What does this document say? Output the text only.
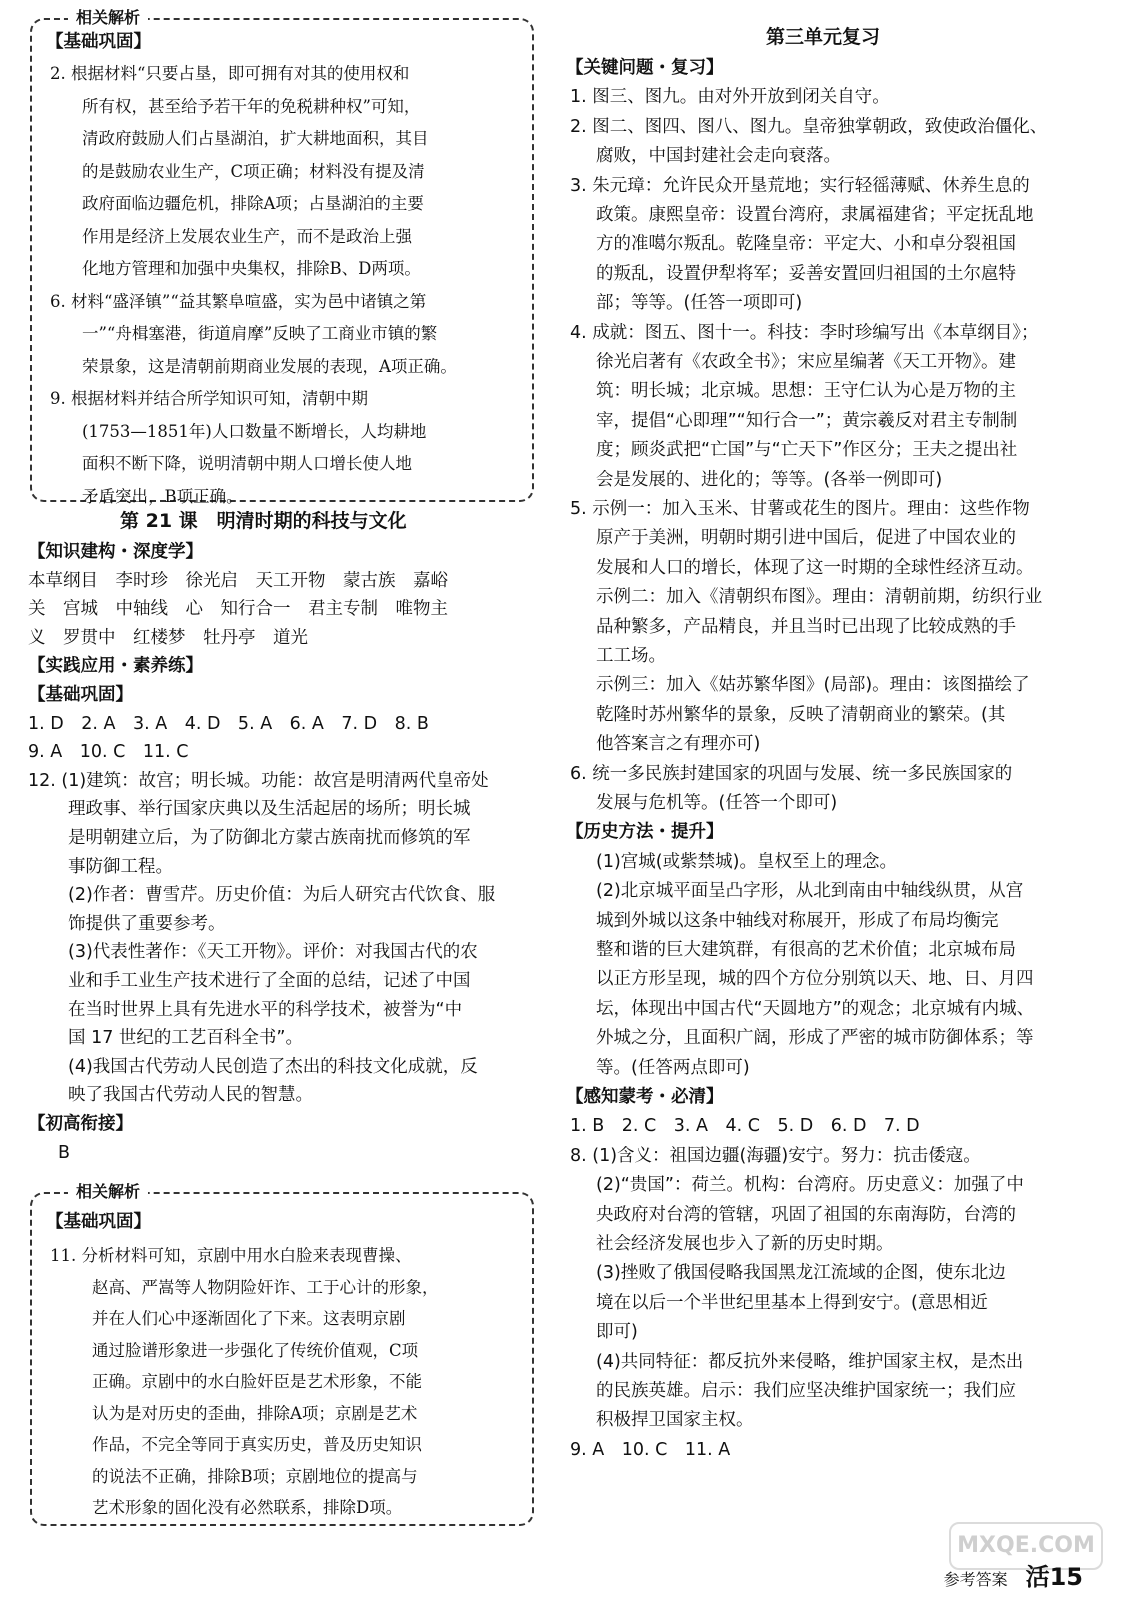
相关解析
【基础巩固】
2. 根据材料“只要占垦，即可拥有对其的使用权和
所有权，甚至给予若干年的免税耕种权”可知，
清政府鼓励人们占垦湖泊，扩大耕地面积，其目
的是鼓励农业生产，C项正确；材料没有提及清
政府面临边疆危机，排除A项；占垦湖泊的主要
作用是经济上发展农业生产，而不是政治上强
化地方管理和加强中央集权，排除B、D两项。
6. 材料“盛泽镇”“益其繁阜喧盛，实为邑中诸镇之第
一”“舟楫塞港，街道肩摩”反映了工商业市镇的繁
荣景象，这是清朝前期商业发展的表现，A项正确。
9. 根据材料并结合所学知识可知，清朝中期
(1753—1851年)人口数量不断增长，人均耕地
面积不断下降，说明清朝中期人口增长使人地
矛盾突出，B项正确。
第 21 课　明清时期的科技与文化
【知识建构・深度学】
本草纲目　李时珍　徐光启　天工开物　蒙古族　嘉峪
关　宫城　中轴线　心　知行合一　君主专制　唯物主
义　罗贯中　红楼梦　牡丹亭　道光
【实践应用・素养练】
【基础巩固】
1. D　2. A　3. A　4. D　5. A　6. A　7. D　8. B
9. A　10. C　11. C
12. (1)建筑：故宫；明长城。功能：故宫是明清两代皇帝处
理政事、举行国家庆典以及生活起居的场所；明长城
是明朝建立后，为了防御北方蒙古族南扰而修筑的军
事防御工程。
(2)作者：曹雪芹。历史价值：为后人研究古代饮食、服
饰提供了重要参考。
(3)代表性著作：《天工开物》。评价：对我国古代的农
业和手工业生产技术进行了全面的总结，记述了中国
在当时世界上具有先进水平的科学技术，被誉为“中
国 17 世纪的工艺百科全书”。
(4)我国古代劳动人民创造了杰出的科技文化成就，反
映了我国古代劳动人民的智慧。
【初高衔接】
B
相关解析
【基础巩固】
11. 分析材料可知，京剧中用水白脸来表现曹操、
赵高、严嵩等人物阴险奸诈、工于心计的形象，
并在人们心中逐渐固化了下来。这表明京剧
通过脸谱形象进一步强化了传统价值观，C项
正确。京剧中的水白脸奸臣是艺术形象，不能
认为是对历史的歪曲，排除A项；京剧是艺术
作品，不完全等同于真实历史，普及历史知识
的说法不正确，排除B项；京剧地位的提高与
艺术形象的固化没有必然联系，排除D项。
第三单元复习
【关键问题・复习】
1. 图三、图九。由对外开放到闭关自守。
2. 图二、图四、图八、图九。皇帝独掌朝政，致使政治僵化、
腐败，中国封建社会走向衰落。
3. 朱元璋：允许民众开垦荒地；实行轻徭薄赋、休养生息的
政策。康熙皇帝：设置台湾府，隶属福建省；平定抚乱地
方的准噶尔叛乱。乾隆皇帝：平定大、小和卓分裂祖国
的叛乱，设置伊犁将军；妥善安置回归祖国的土尔扈特
部；等等。(任答一项即可)
4. 成就：图五、图十一。科技：李时珍编写出《本草纲目》；
徐光启著有《农政全书》；宋应星编著《天工开物》。建
筑：明长城；北京城。思想：王守仁认为心是万物的主
宰，提倡“心即理”“知行合一”；黄宗羲反对君主专制制
度；顾炎武把“亡国”与“亡天下”作区分；王夫之提出社
会是发展的、进化的；等等。(各举一例即可)
5. 示例一：加入玉米、甘薯或花生的图片。理由：这些作物
原产于美洲，明朝时期引进中国后，促进了中国农业的
发展和人口的增长，体现了这一时期的全球性经济互动。
示例二：加入《清朝织布图》。理由：清朝前期，纺织行业
品种繁多，产品精良，并且当时已出现了比较成熟的手
工工场。
示例三：加入《姑苏繁华图》(局部)。理由：该图描绘了
乾隆时苏州繁华的景象，反映了清朝商业的繁荣。(其
他答案言之有理亦可)
6. 统一多民族封建国家的巩固与发展、统一多民族国家的
发展与危机等。(任答一个即可)
【历史方法・提升】
(1)宫城(或紫禁城)。皇权至上的理念。
(2)北京城平面呈凸字形，从北到南由中轴线纵贯，从宫
城到外城以这条中轴线对称展开，形成了布局均衡完
整和谐的巨大建筑群，有很高的艺术价值；北京城布局
以正方形呈现，城的四个方位分别筑以天、地、日、月四
坛，体现出中国古代“天圆地方”的观念；北京城有内城、
外城之分，且面积广阔，形成了严密的城市防御体系；等
等。(任答两点即可)
【感知蒙考・必清】
1. B　2. C　3. A　4. C　5. D　6. D　7. D
8. (1)含义：祖国边疆(海疆)安宁。努力：抗击倭寇。
(2)“贵国”：荷兰。机构：台湾府。历史意义：加强了中
央政府对台湾的管辖，巩固了祖国的东南海防，台湾的
社会经济发展也步入了新的历史时期。
(3)挫败了俄国侵略我国黑龙江流域的企图，使东北边
境在以后一个半世纪里基本上得到安宁。(意思相近
即可)
(4)共同特征：都反抗外来侵略，维护国家主权，是杰出
的民族英雄。启示：我们应坚决维护国家统一；我们应
积极捍卫国家主权。
9. A　10. C　11. A
MXQE.COM
参考答案 活15
